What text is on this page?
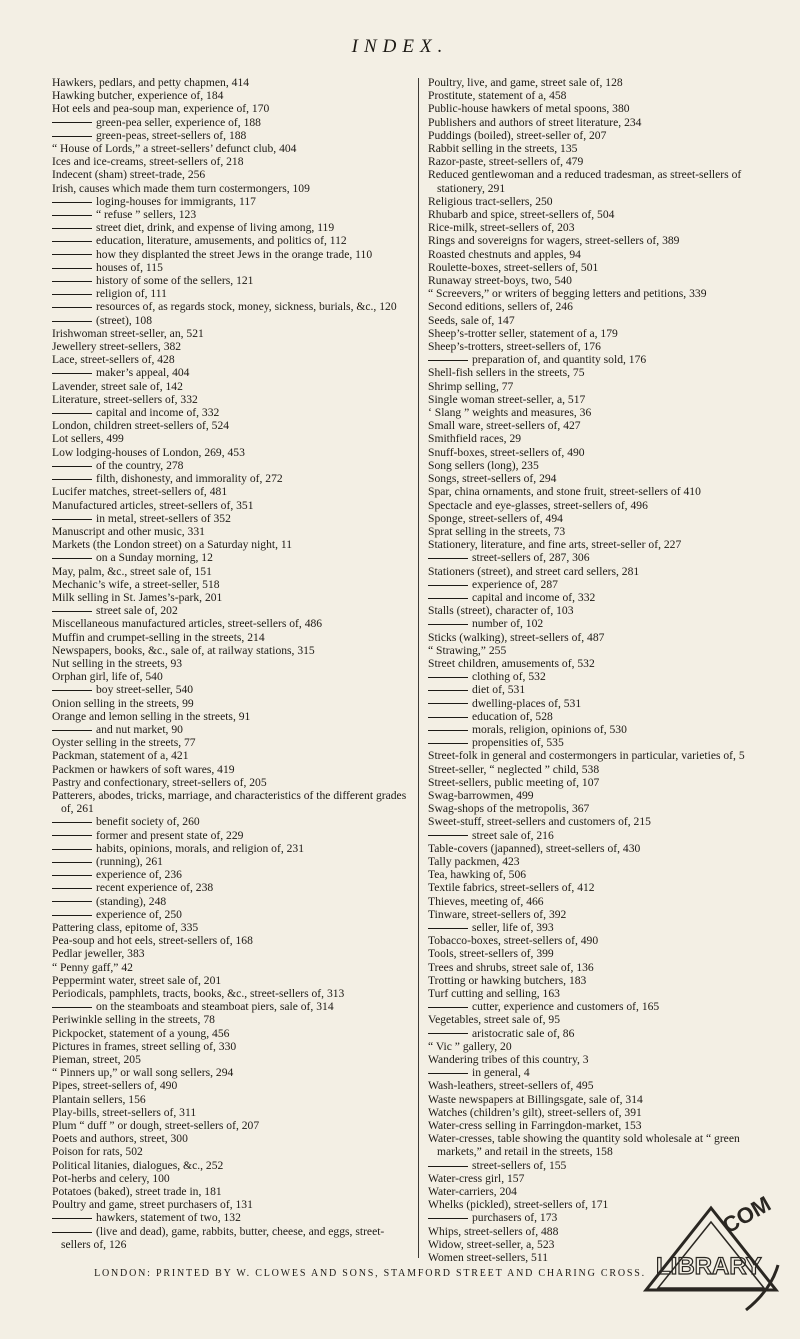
INDEX.

Hawkers, pedlars, and petty chapmen, 414

Hawking butcher, experience of, 184

Hot eels and pea-soup man, experience of, 170

green-pea seller, experience of, 188

green-peas, street-sellers of, 188

“ House of Lords,” a street-sellers’ defunct club, 404

Ices and ice-creams, street-sellers of, 218

Indecent (sham) street-trade, 256

Irish, causes which made them turn costermongers, 109

loging-houses for immigrants, 117

“ refuse ” sellers, 123

street diet, drink, and expense of living among, 119

education, literature, amusements, and politics of, 112

how they displanted the street Jews in the orange trade, 110

houses of, 115

history of some of the sellers, 121

religion of, 111

resources of, as regards stock, money, sickness, burials, &c., 120

(street), 108

Irishwoman street-seller, an, 521

Jewellery street-sellers, 382

Lace, street-sellers of, 428

maker’s appeal, 404

Lavender, street sale of, 142

Literature, street-sellers of, 332

capital and income of, 332

London, children street-sellers of, 524

Lot sellers, 499

Low lodging-houses of London, 269, 453

of the country, 278

filth, dishonesty, and immorality of, 272

Lucifer matches, street-sellers of, 481

Manufactured articles, street-sellers of, 351

in metal, street-sellers of 352

Manuscript and other music, 331

Markets (the London street) on a Saturday night, 11

on a Sunday morning, 12

May, palm, &c., street sale of, 151

Mechanic’s wife, a street-seller, 518

Milk selling in St. James’s-park, 201

street sale of, 202

Miscellaneous manufactured articles, street-sellers of, 486

Muffin and crumpet-selling in the streets, 214

Newspapers, books, &c., sale of, at railway stations, 315

Nut selling in the streets, 93

Orphan girl, life of, 540

boy street-seller, 540

Onion selling in the streets, 99

Orange and lemon selling in the streets, 91

and nut market, 90

Oyster selling in the streets, 77

Packman, statement of a, 421

Packmen or hawkers of soft wares, 419

Pastry and confectionary, street-sellers of, 205

Patterers, abodes, tricks, marriage, and characteristics of the different grades of, 261

benefit society of, 260

former and present state of, 229

habits, opinions, morals, and religion of, 231

(running), 261

experience of, 236

recent experience of, 238

(standing), 248

experience of, 250

Pattering class, epitome of, 335

Pea-soup and hot eels, street-sellers of, 168

Pedlar jeweller, 383

“ Penny gaff,” 42

Peppermint water, street sale of, 201

Periodicals, pamphlets, tracts, books, &c., street-sellers of, 313

on the steamboats and steamboat piers, sale of, 314

Periwinkle selling in the streets, 78

Pickpocket, statement of a young, 456

Pictures in frames, street selling of, 330

Pieman, street, 205

“ Pinners up,” or wall song sellers, 294

Pipes, street-sellers of, 490

Plantain sellers, 156

Play-bills, street-sellers of, 311

Plum “ duff ” or dough, street-sellers of, 207

Poets and authors, street, 300

Poison for rats, 502

Political litanies, dialogues, &c., 252

Pot-herbs and celery, 100

Potatoes (baked), street trade in, 181

Poultry and game, street purchasers of, 131

hawkers, statement of two, 132

(live and dead), game, rabbits, butter, cheese, and eggs, street-sellers of, 126

Poultry, live, and game, street sale of, 128

Prostitute, statement of a, 458

Public-house hawkers of metal spoons, 380

Publishers and authors of street literature, 234

Puddings (boiled), street-seller of, 207

Rabbit selling in the streets, 135

Razor-paste, street-sellers of, 479

Reduced gentlewoman and a reduced tradesman, as street-sellers of stationery, 291

Religious tract-sellers, 250

Rhubarb and spice, street-sellers of, 504

Rice-milk, street-sellers of, 203

Rings and sovereigns for wagers, street-sellers of, 389

Roasted chestnuts and apples, 94

Roulette-boxes, street-sellers of, 501

Runaway street-boys, two, 540

“ Screevers,” or writers of begging letters and petitions, 339

Second editions, sellers of, 246

Seeds, sale of, 147

Sheep’s-trotter seller, statement of a, 179

Sheep’s-trotters, street-sellers of, 176

preparation of, and quantity sold, 176

Shell-fish sellers in the streets, 75

Shrimp selling, 77

Single woman street-seller, a, 517

‘ Slang ” weights and measures, 36

Small ware, street-sellers of, 427

Smithfield races, 29

Snuff-boxes, street-sellers of, 490

Song sellers (long), 235

Songs, street-sellers of, 294

Spar, china ornaments, and stone fruit, street-sellers of 410

Spectacle and eye-glasses, street-sellers of, 496

Sponge, street-sellers of, 494

Sprat selling in the streets, 73

Stationery, literature, and fine arts, street-seller of, 227

street-sellers of, 287, 306

Stationers (street), and street card sellers, 281

experience of, 287

capital and income of, 332

Stalls (street), character of, 103

number of, 102

Sticks (walking), street-sellers of, 487

“ Strawing,” 255

Street children, amusements of, 532

clothing of, 532

diet of, 531

dwelling-places of, 531

education of, 528

morals, religion, opinions of, 530

propensities of, 535

Street-folk in general and costermongers in particular, varieties of, 5

Street-seller, “ neglected ” child, 538

Street-sellers, public meeting of, 107

Swag-barrowmen, 499

Swag-shops of the metropolis, 367

Sweet-stuff, street-sellers and customers of, 215

street sale of, 216

Table-covers (japanned), street-sellers of, 430

Tally packmen, 423

Tea, hawking of, 506

Textile fabrics, street-sellers of, 412

Thieves, meeting of, 466

Tinware, street-sellers of, 392

seller, life of, 393

Tobacco-boxes, street-sellers of, 490

Tools, street-sellers of, 399

Trees and shrubs, street sale of, 136

Trotting or hawking butchers, 183

Turf cutting and selling, 163

cutter, experience and customers of, 165

Vegetables, street sale of, 95

aristocratic sale of, 86

“ Vic ” gallery, 20

Wandering tribes of this country, 3

in general, 4

Wash-leathers, street-sellers of, 495

Waste newspapers at Billingsgate, sale of, 314

Watches (children’s gilt), street-sellers of, 391

Water-cress selling in Farringdon-market, 153

Water-cresses, table showing the quantity sold wholesale at “ green markets,” and retail in the streets, 158

street-sellers of, 155

Water-cress girl, 157

Water-carriers, 204

Whelks (pickled), street-sellers of, 171

purchasers of, 173

Whips, street-sellers of, 488

Widow, street-seller, a, 523

Women street-sellers, 511

LONDON: PRINTED BY W. CLOWES AND SONS, STAMFORD STREET AND CHARING CROSS.
COM
LIBRARY
